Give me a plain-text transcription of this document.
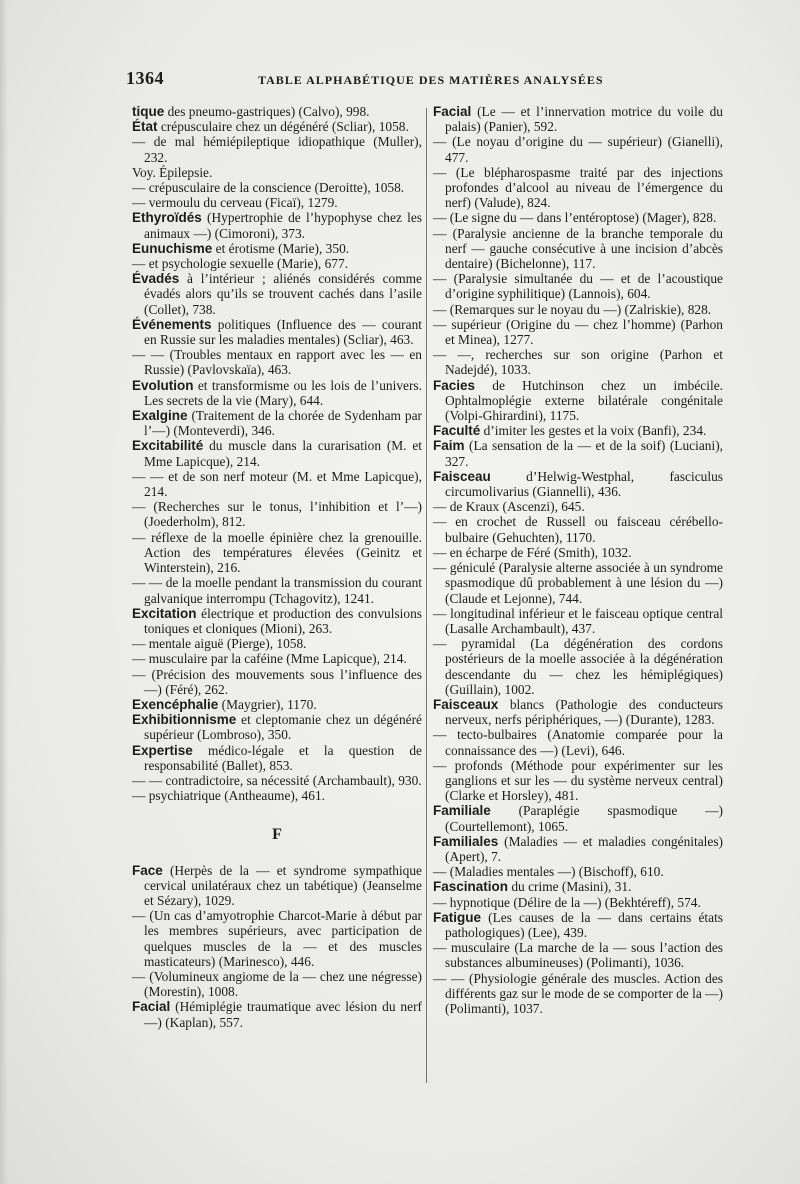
1364	TABLE ALPHABÉTIQUE DES MATIÈRES ANALYSÉES

tique des pneumo-gastriques) (Calvo), 998.

État crépusculaire chez un dégénéré (Scliar), 1058.

— de mal hémiépileptique idiopathique (Muller), 232.

Voy. Épilepsie.

— crépusculaire de la conscience (Deroitte), 1058.

— vermoulu du cerveau (Ficaï), 1279.

Ethyroïdés (Hypertrophie de l’hypophyse chez les animaux —) (Cimoroni), 373.

Eunuchisme et érotisme (Marie), 350.

— et psychologie sexuelle (Marie), 677.

Évadés à l’intérieur ; aliénés considérés comme évadés alors qu’ils se trouvent cachés dans l’asile (Collet), 738.

Événements politiques (Influence des — courant en Russie sur les maladies mentales) (Scliar), 463.

— — (Troubles mentaux en rapport avec les — en Russie) (Pavlovskaïa), 463.

Evolution et transformisme ou les lois de l’univers. Les secrets de la vie (Mary), 644.

Exalgine (Traitement de la chorée de Sydenham par l’—) (Monteverdi), 346.

Excitabilité du muscle dans la curarisation (M. et Mme Lapicque), 214.

— — et de son nerf moteur (M. et Mme Lapicque), 214.

— (Recherches sur le tonus, l’inhibition et l’—) (Joederholm), 812.

— réflexe de la moelle épinière chez la grenouille. Action des températures élevées (Geinitz et Winterstein), 216.

— — de la moelle pendant la transmission du courant galvanique interrompu (Tchagovitz), 1241.

Excitation électrique et production des convulsions toniques et cloniques (Mioni), 263.

— mentale aiguë (Pierge), 1058.

— musculaire par la caféine (Mme Lapicque), 214.

— (Précision des mouvements sous l’influence des —) (Féré), 262.

Exencéphalie (Maygrier), 1170.

Exhibitionnisme et cleptomanie chez un dégénéré supérieur (Lombroso), 350.

Expertise médico-légale et la question de responsabilité (Ballet), 853.

— — contradictoire, sa nécessité (Archambault), 930.

— psychiatrique (Antheaume), 461.

F

Face (Herpès de la — et syndrome sympathique cervical unilatéraux chez un tabétique) (Jeanselme et Sézary), 1029.

— (Un cas d’amyotrophie Charcot-Marie à début par les membres supérieurs, avec participation de quelques muscles de la — et des muscles masticateurs) (Marinesco), 446.

— (Volumineux angiome de la — chez une négresse) (Morestin), 1008.

Facial (Hémiplégie traumatique avec lésion du nerf —) (Kaplan), 557.

Facial (Le — et l’innervation motrice du voile du palais) (Panier), 592.

— (Le noyau d’origine du — supérieur) (Gianelli), 477.

— (Le blépharospasme traité par des injections profondes d’alcool au niveau de l’émergence du nerf) (Valude), 824.

— (Le signe du — dans l’entéroptose) (Mager), 828.

— (Paralysie ancienne de la branche temporale du nerf — gauche consécutive à une incision d’abcès dentaire) (Bichelonne), 117.

— (Paralysie simultanée du — et de l’acoustique d’origine syphilitique) (Lannois), 604.

— (Remarques sur le noyau du —) (Zalriskie), 828.

— supérieur (Origine du — chez l’homme) (Parhon et Minea), 1277.

— —, recherches sur son origine (Parhon et Nadejdé), 1033.

Facies de Hutchinson chez un imbécile. Ophtalmoplégie externe bilatérale congénitale (Volpi-Ghirardini), 1175.

Faculté d’imiter les gestes et la voix (Banfi), 234.

Faim (La sensation de la — et de la soif) (Luciani), 327.

Faisceau d’Helwig-Westphal, fasciculus circumolivarius (Giannelli), 436.

— de Kraux (Ascenzi), 645.

— en crochet de Russell ou faisceau cérébello-bulbaire (Gehuchten), 1170.

— en écharpe de Féré (Smith), 1032.

— géniculé (Paralysie alterne associée à un syndrome spasmodique dû probablement à une lésion du —) (Claude et Lejonne), 744.

— longitudinal inférieur et le faisceau optique central (Lasalle Archambault), 437.

— pyramidal (La dégénération des cordons postérieurs de la moelle associée à la dégénération descendante du — chez les hémiplégiques) (Guillain), 1002.

Faisceaux blancs (Pathologie des conducteurs nerveux, nerfs périphériques, —) (Durante), 1283.

— tecto-bulbaires (Anatomie comparée pour la connaissance des —) (Levi), 646.

— profonds (Méthode pour expérimenter sur les ganglions et sur les — du système nerveux central) (Clarke et Horsley), 481.

Familiale (Paraplégie spasmodique —) (Courtellemont), 1065.

Familiales (Maladies — et maladies congénitales) (Apert), 7.

— (Maladies mentales —) (Bischoff), 610.

Fascination du crime (Masini), 31.

— hypnotique (Délire de la —) (Bekhtéreff), 574.

Fatigue (Les causes de la — dans certains états pathologiques) (Lee), 439.

— musculaire (La marche de la — sous l’action des substances albumineuses) (Polimanti), 1036.

— — (Physiologie générale des muscles. Action des différents gaz sur le mode de se comporter de la —) (Polimanti), 1037.
